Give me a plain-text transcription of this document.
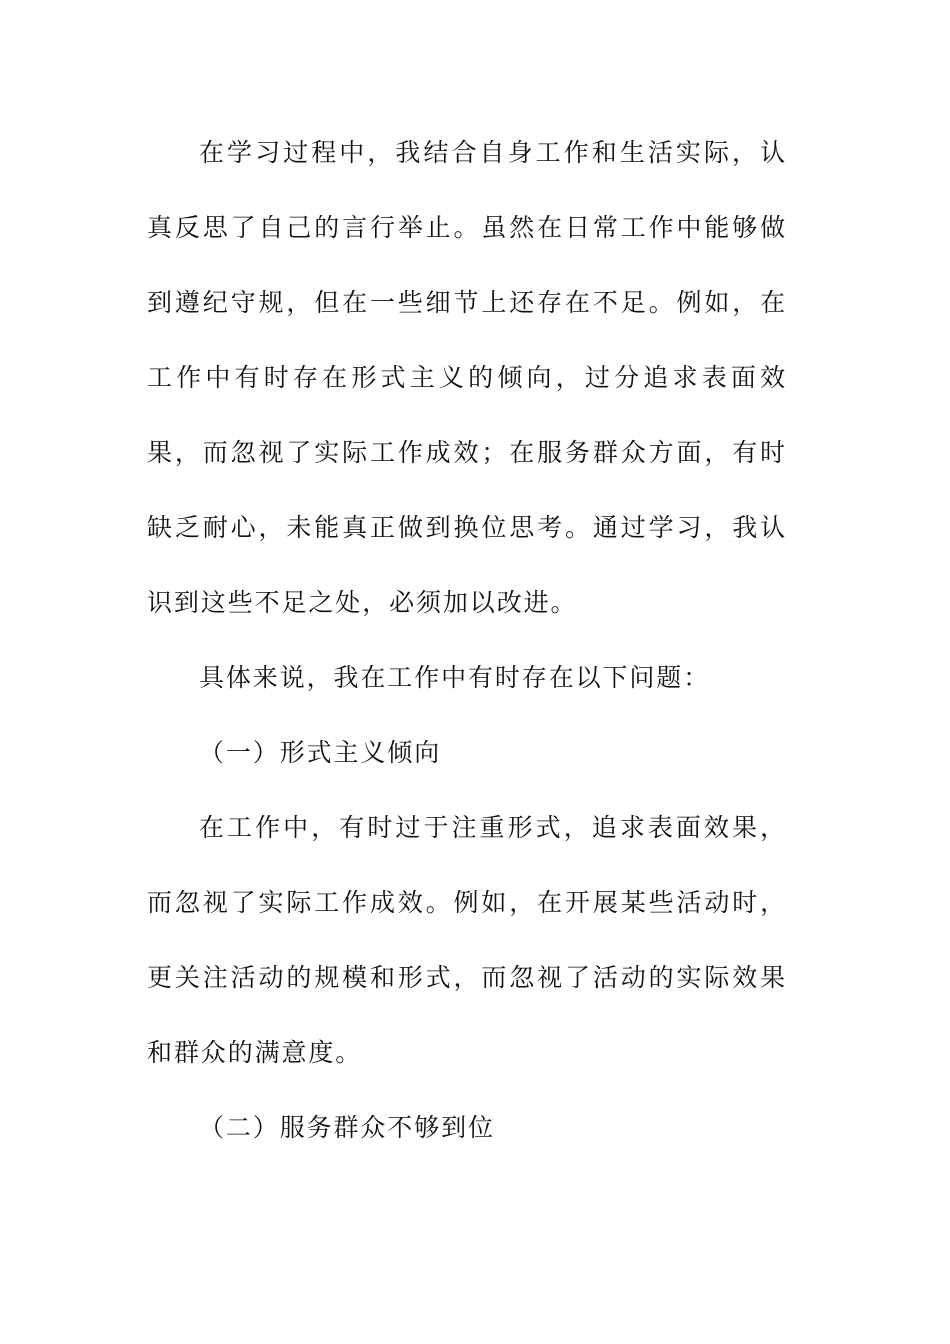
在学习过程中，我结合自身工作和生活实际，认真反思了自己的言行举止。虽然在日常工作中能够做到遵纪守规，但在一些细节上还存在不足。例如，在工作中有时存在形式主义的倾向，过分追求表面效果，而忽视了实际工作成效；在服务群众方面，有时缺乏耐心，未能真正做到换位思考。通过学习，我认识到这些不足之处，必须加以改进。

具体来说，我在工作中有时存在以下问题：

（一）形式主义倾向

在工作中，有时过于注重形式，追求表面效果，而忽视了实际工作成效。例如，在开展某些活动时，更关注活动的规模和形式，而忽视了活动的实际效果和群众的满意度。

（二）服务群众不够到位
